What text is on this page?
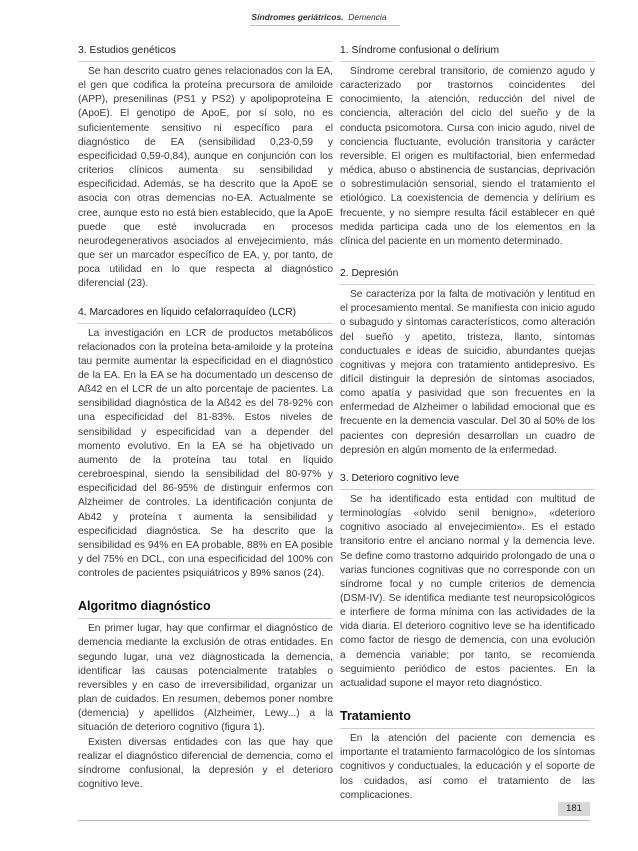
Síndromes geriátricos. Demencia
3. Estudios genéticos

Se han descrito cuatro genes relacionados con la EA, el gen que codifica la proteína precursora de amiloide (APP), presenilinas (PS1 y PS2) y apolipoproteína E (ApoE). El genotipo de ApoE, por sí solo, no es suficientemente sensitivo ni específico para el diagnóstico de EA (sensibilidad 0,23-0,59 y especificidad 0,59-0,84), aunque en conjunción con los criterios clínicos aumenta su sensibilidad y especificidad. Además, se ha descrito que la ApoE se asocia con otras demencias no-EA. Actualmente se cree, aunque esto no está bien establecido, que la ApoE puede que esté involucrada en procesos neurodegenerativos asociados al envejecimiento, más que ser un marcador específico de EA, y, por tanto, de poca utilidad en lo que respecta al diagnóstico diferencial (23).

4. Marcadores en líquido cefalorraquídeo (LCR)

La investigación en LCR de productos metabólicos relacionados con la proteína beta-amiloide y la proteína tau permite aumentar la especificidad en el diagnóstico de la EA. En la EA se ha documentado un descenso de Aß42 en el LCR de un alto porcentaje de pacientes. La sensibilidad diagnóstica de la Aß42 es del 78-92% con una especificidad del 81-83%. Estos niveles de sensibilidad y especificidad van a depender del momento evolutivo. En la EA se ha objetivado un aumento de la proteína tau total en líquido cerebroespinal, siendo la sensibilidad del 80-97% y especificidad del 86-95% de distinguir enfermos con Alzheimer de controles. La identificación conjunta de Ab42 y proteína τ aumenta la sensibilidad y especificidad diagnóstica. Se ha descrito que la sensibilidad es 94% en EA probable, 88% en EA posible y del 75% en DCL, con una especificidad del 100% con controles de pacientes psiquiátricos y 89% sanos (24).

Algoritmo diagnóstico

En primer lugar, hay que confirmar el diagnóstico de demencia mediante la exclusión de otras entidades. En segundo lugar, una vez diagnosticada la demencia, identificar las causas potencialmente tratables o reversibles y en caso de irreversibilidad, organizar un plan de cuidados. En resumen, debemos poner nombre (demencia) y apellidos (Alzheimer, Lewy...) a la situación de deterioro cognitivo (figura 1).

Existen diversas entidades con las que hay que realizar el diagnóstico diferencial de demencia, como el síndrome confusional, la depresión y el deterioro cognitivo leve.

1. Síndrome confusional o delírium

Síndrome cerebral transitorio, de comienzo agudo y caracterizado por trastornos coincidentes del conocimiento, la atención, reducción del nivel de conciencia, alteración del ciclo del sueño y de la conducta psicomotora. Cursa con inicio agudo, nivel de conciencia fluctuante, evolución transitoria y carácter reversible. El origen es multifactorial, bien enfermedad médica, abuso o abstinencia de sustancias, deprivación o sobrestimulación sensorial, siendo el tratamiento el etiológico. La coexistencia de demencia y delírium es frecuente, y no siempre resulta fácil establecer en qué medida participa cada uno de los elementos en la clínica del paciente en un momento determinado.

2. Depresión

Se caracteriza por la falta de motivación y lentitud en el procesamiento mental. Se manifiesta con inicio agudo o subagudo y síntomas característicos, como alteración del sueño y apetito, tristeza, llanto, síntomas conductuales e ideas de suicidio, abundantes quejas cognitivas y mejora con tratamiento antidepresivo. Es difícil distinguir la depresión de síntomas asociados, como apatía y pasividad que son frecuentes en la enfermedad de Alzheimer o labilidad emocional que es frecuente en la demencia vascular. Del 30 al 50% de los pacientes con depresión desarrollan un cuadro de depresión en algún momento de la enfermedad.

3. Deterioro cognitivo leve

Se ha identificado esta entidad con multitud de terminologías «olvido senil benigno», «deterioro cognitivo asociado al envejecimiento». Es el estado transitorio entre el anciano normal y la demencia leve. Se define como trastorno adquirido prolongado de una o varias funciones cognitivas que no corresponde con un síndrome focal y no cumple criterios de demencia (DSM-IV). Se identifica mediante test neuropsicológicos e interfiere de forma mínima con las actividades de la vida diaria. El deterioro cognitivo leve se ha identificado como factor de riesgo de demencia, con una evolución a demencia variable; por tanto, se recomienda seguimiento periódico de estos pacientes. En la actualidad supone el mayor reto diagnóstico.

Tratamiento

En la atención del paciente con demencia es importante el tratamiento farmacológico de los síntomas cognitivos y conductuales, la educación y el soporte de los cuidados, así como el tratamiento de las complicaciones.

181
